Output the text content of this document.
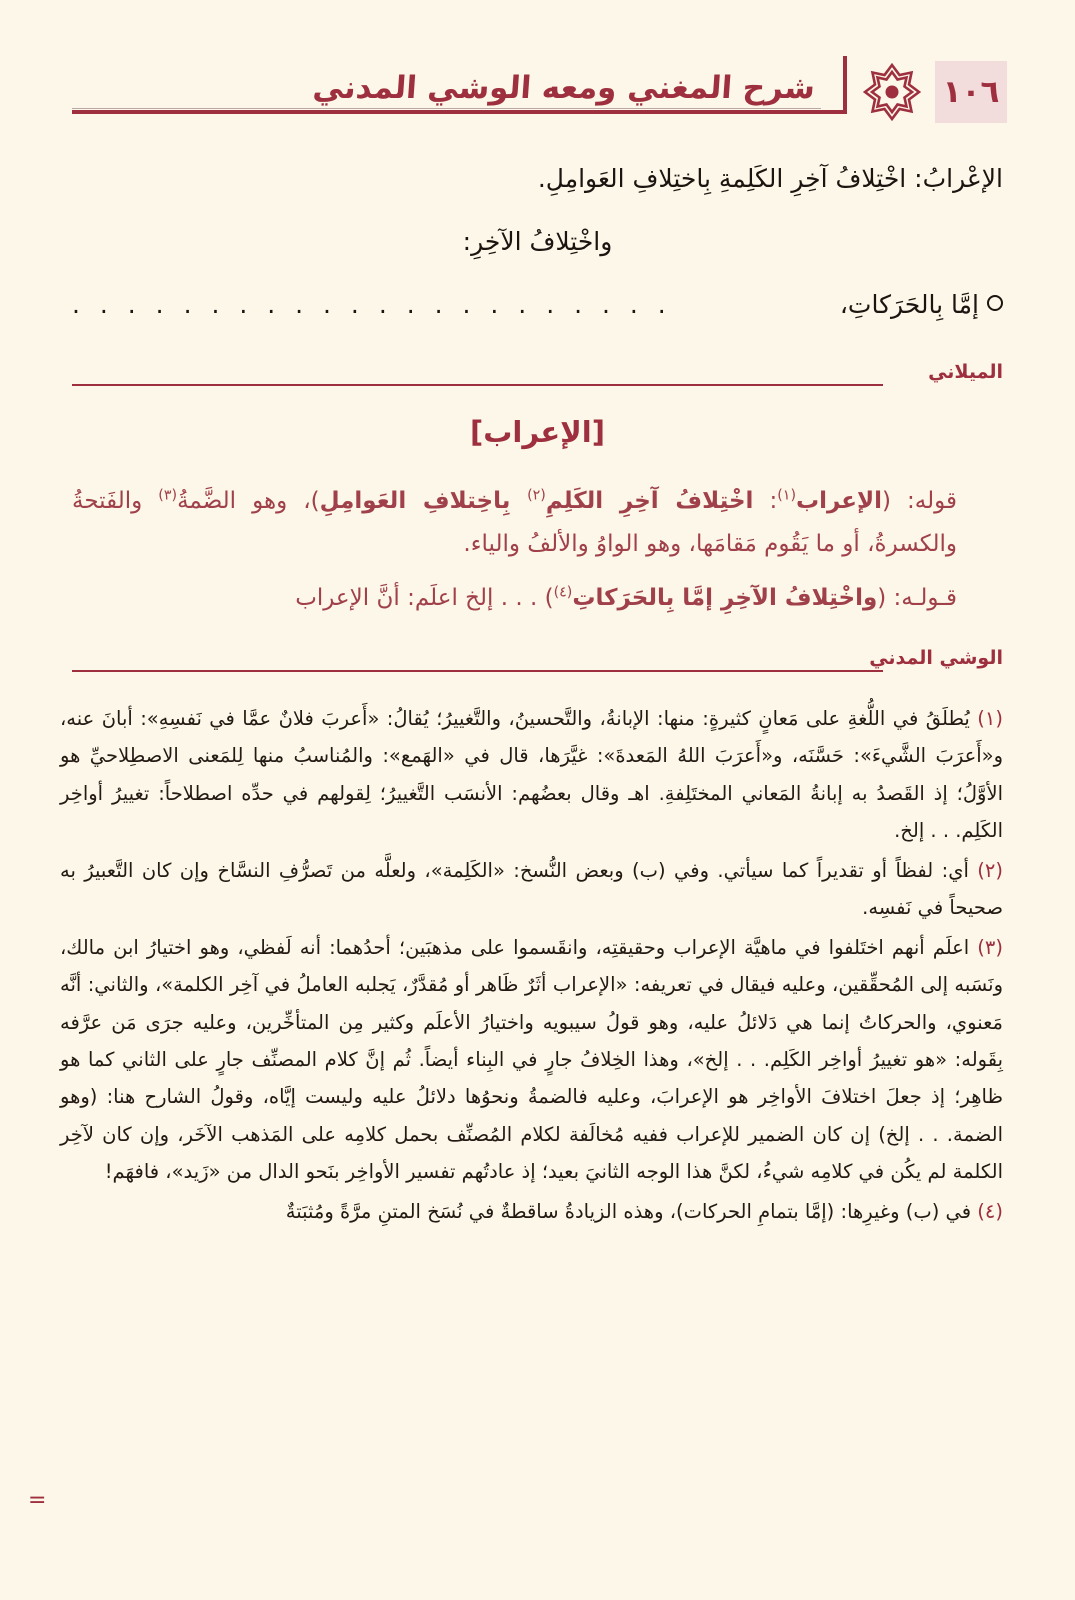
١٠٦
شرح المغني ومعه الوشي المدني

الإعْرابُ: اخْتِلافُ آخِرِ الكَلِمةِ بِاختِلافِ العَوامِلِ.

واخْتِلافُ الآخِرِ:

إمَّا بِالحَرَكاتِ،
. . . . . . . . . . . . . . . . . . . . . .
الميلاني
[الإعراب]

قوله: (الإعراب$^{(١)}$: اخْتِلافُ آخِرِ الكَلِمِ$^{(٢)}$ بِاخِتلافِ العَوامِلِ)، وهو الضَّمةُ$^{(٣)}$ والفَتحةُ والكسرةُ، أو ما يَقُوم مَقامَها، وهو الواوُ والألفُ والياء.

قـولـه: (واخْتِلافُ الآخِرِ إمَّا بِالحَرَكاتِ$^{(٤)}$) . . . إلخ اعلَم: أنَّ الإعراب

الوشي المدني
(١) يُطلَقُ في اللُّغةِ على مَعانٍ كثيرةٍ: منها: الإبانةُ، والتَّحسينُ، والتَّغييرُ؛ يُقالُ: «أَعربَ فلانٌ عمَّا في نَفسِهِ»: أبانَ عنه، و«أَعرَبَ الشَّيءَ»: حَسَّنَه، و«أَعرَبَ اللهُ المَعدةَ»: غيَّرَها، قال في «الهَمع»: والمُناسبُ منها لِلمَعنى الاصطِلاحيِّ هو الأوَّلُ؛ إذ القَصدُ به إبانةُ المَعاني المختَلِفةِ. اهـ وقال بعضُهم: الأنسَب التَّغييرُ؛ لِقولهم في حدِّه اصطلاحاً: تغييرُ أواخِر الكَلِم. . . إلخ.
(٢) أي: لفظاً أو تقديراً كما سيأتي. وفي (ب) وبعض النُّسخ: «الكَلِمة»، ولعلَّه من تَصرُّفِ النسَّاخ وإن كان التَّعبيرُ به صحيحاً في نَفسِه.
(٣) اعلَم أنهم اختَلفوا في ماهيَّة الإعراب وحقيقتِه، وانقَسموا على مذهبَين؛ أحدُهما: أنه لَفظي، وهو اختيارُ ابن مالك، ونَسَبه إلى المُحقِّقين، وعليه فيقال في تعريفه: «الإعراب أثَرٌ ظَاهر أو مُقدَّرٌ، يَجلبه العاملُ في آخِر الكلمة»، والثاني: أنَّه مَعنوي، والحركاتُ إنما هي دَلائلُ عليه، وهو قولُ سيبويه واختيارُ الأعلَم وكثير مِن المتأخِّرين، وعليه جرَى مَن عرَّفه بِقَوله: «هو تغييرُ أواخِر الكَلِم. . . إلخ»، وهذا الخِلافُ جارٍ في البِناء أيضاً. ثُم إنَّ كلام المصنِّف جارٍ على الثاني كما هو ظاهِر؛ إذ جعلَ اختلافَ الأواخِر هو الإعرابَ، وعليه فالضمةُ ونحوُها دلائلُ عليه وليست إيَّاه، وقولُ الشارح هنا: (وهو الضمة. . . إلخ) إن كان الضمير للإعراب ففيه مُخالَفة لكلام المُصنِّف بحمل كلامِه على المَذهب الآخَر، وإن كان لآخِر الكلمة لم يكُن في كلامِه شيءُ، لكنَّ هذا الوجه الثانيَ بعيد؛ إذ عادتُهم تفسير الأواخِر بنَحو الدال من «زَيد»، فافهَم!
(٤) في (ب) وغيرِها: (إمَّا بتمامِ الحركات)، وهذه الزيادةُ ساقطةٌ في نُسَخ المتنِ مرَّةً ومُثبَتةٌ
=
